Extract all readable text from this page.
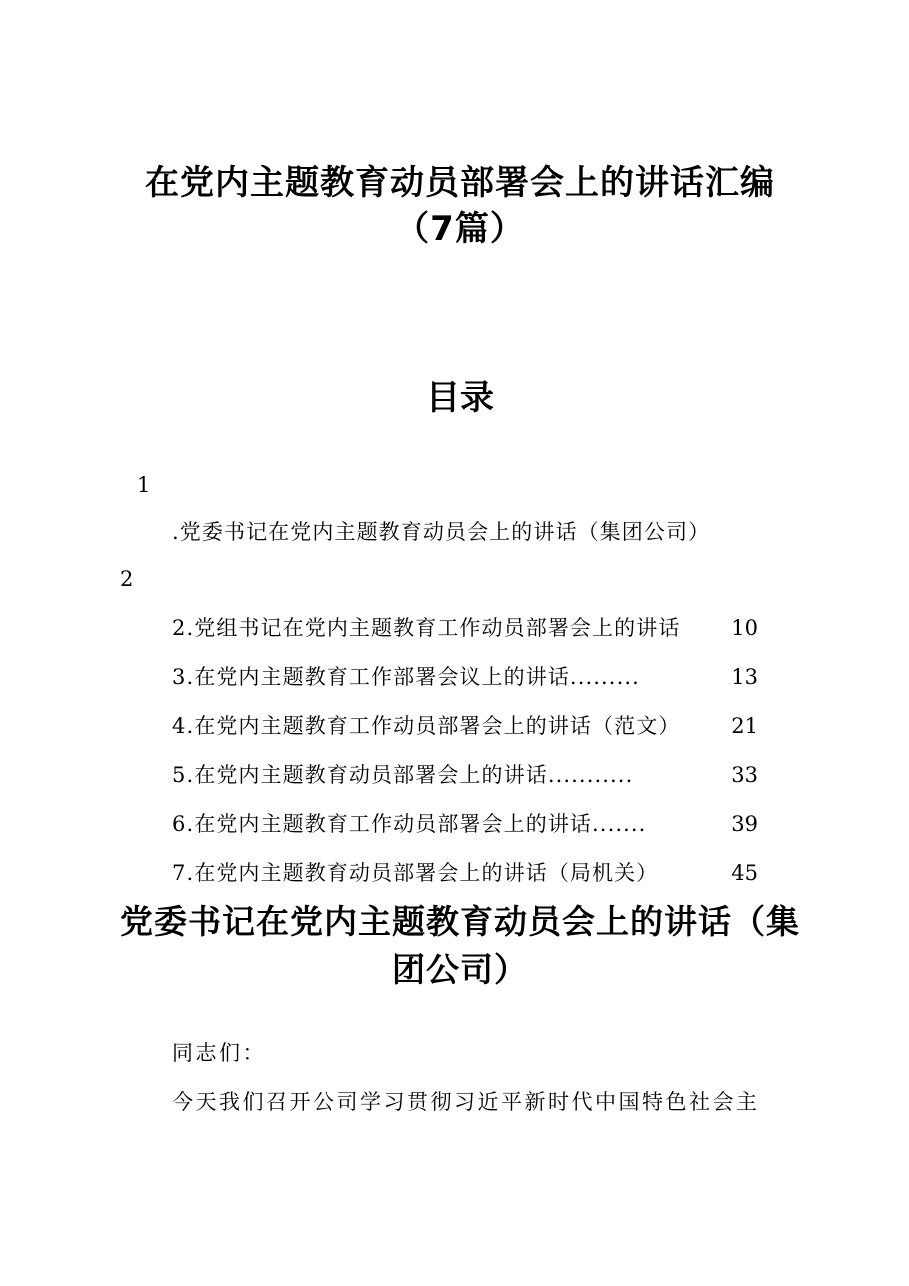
在党内主题教育动员部署会上的讲话汇编（7篇）
目录
1
.党委书记在党内主题教育动员会上的讲话（集团公司）
2
2.党组书记在党内主题教育工作动员部署会上的讲话 10
3.在党内主题教育工作部署会议上的讲话.........	13
4.在党内主题教育工作动员部署会上的讲话（范文） 21
5.在党内主题教育动员部署会上的讲话...........	33
6.在党内主题教育工作动员部署会上的讲话.......	39
7.在党内主题教育动员部署会上的讲话（局机关）	45
党委书记在党内主题教育动员会上的讲话（集团公司）
同志们：
今天我们召开公司学习贯彻习近平新时代中国特色社会主
